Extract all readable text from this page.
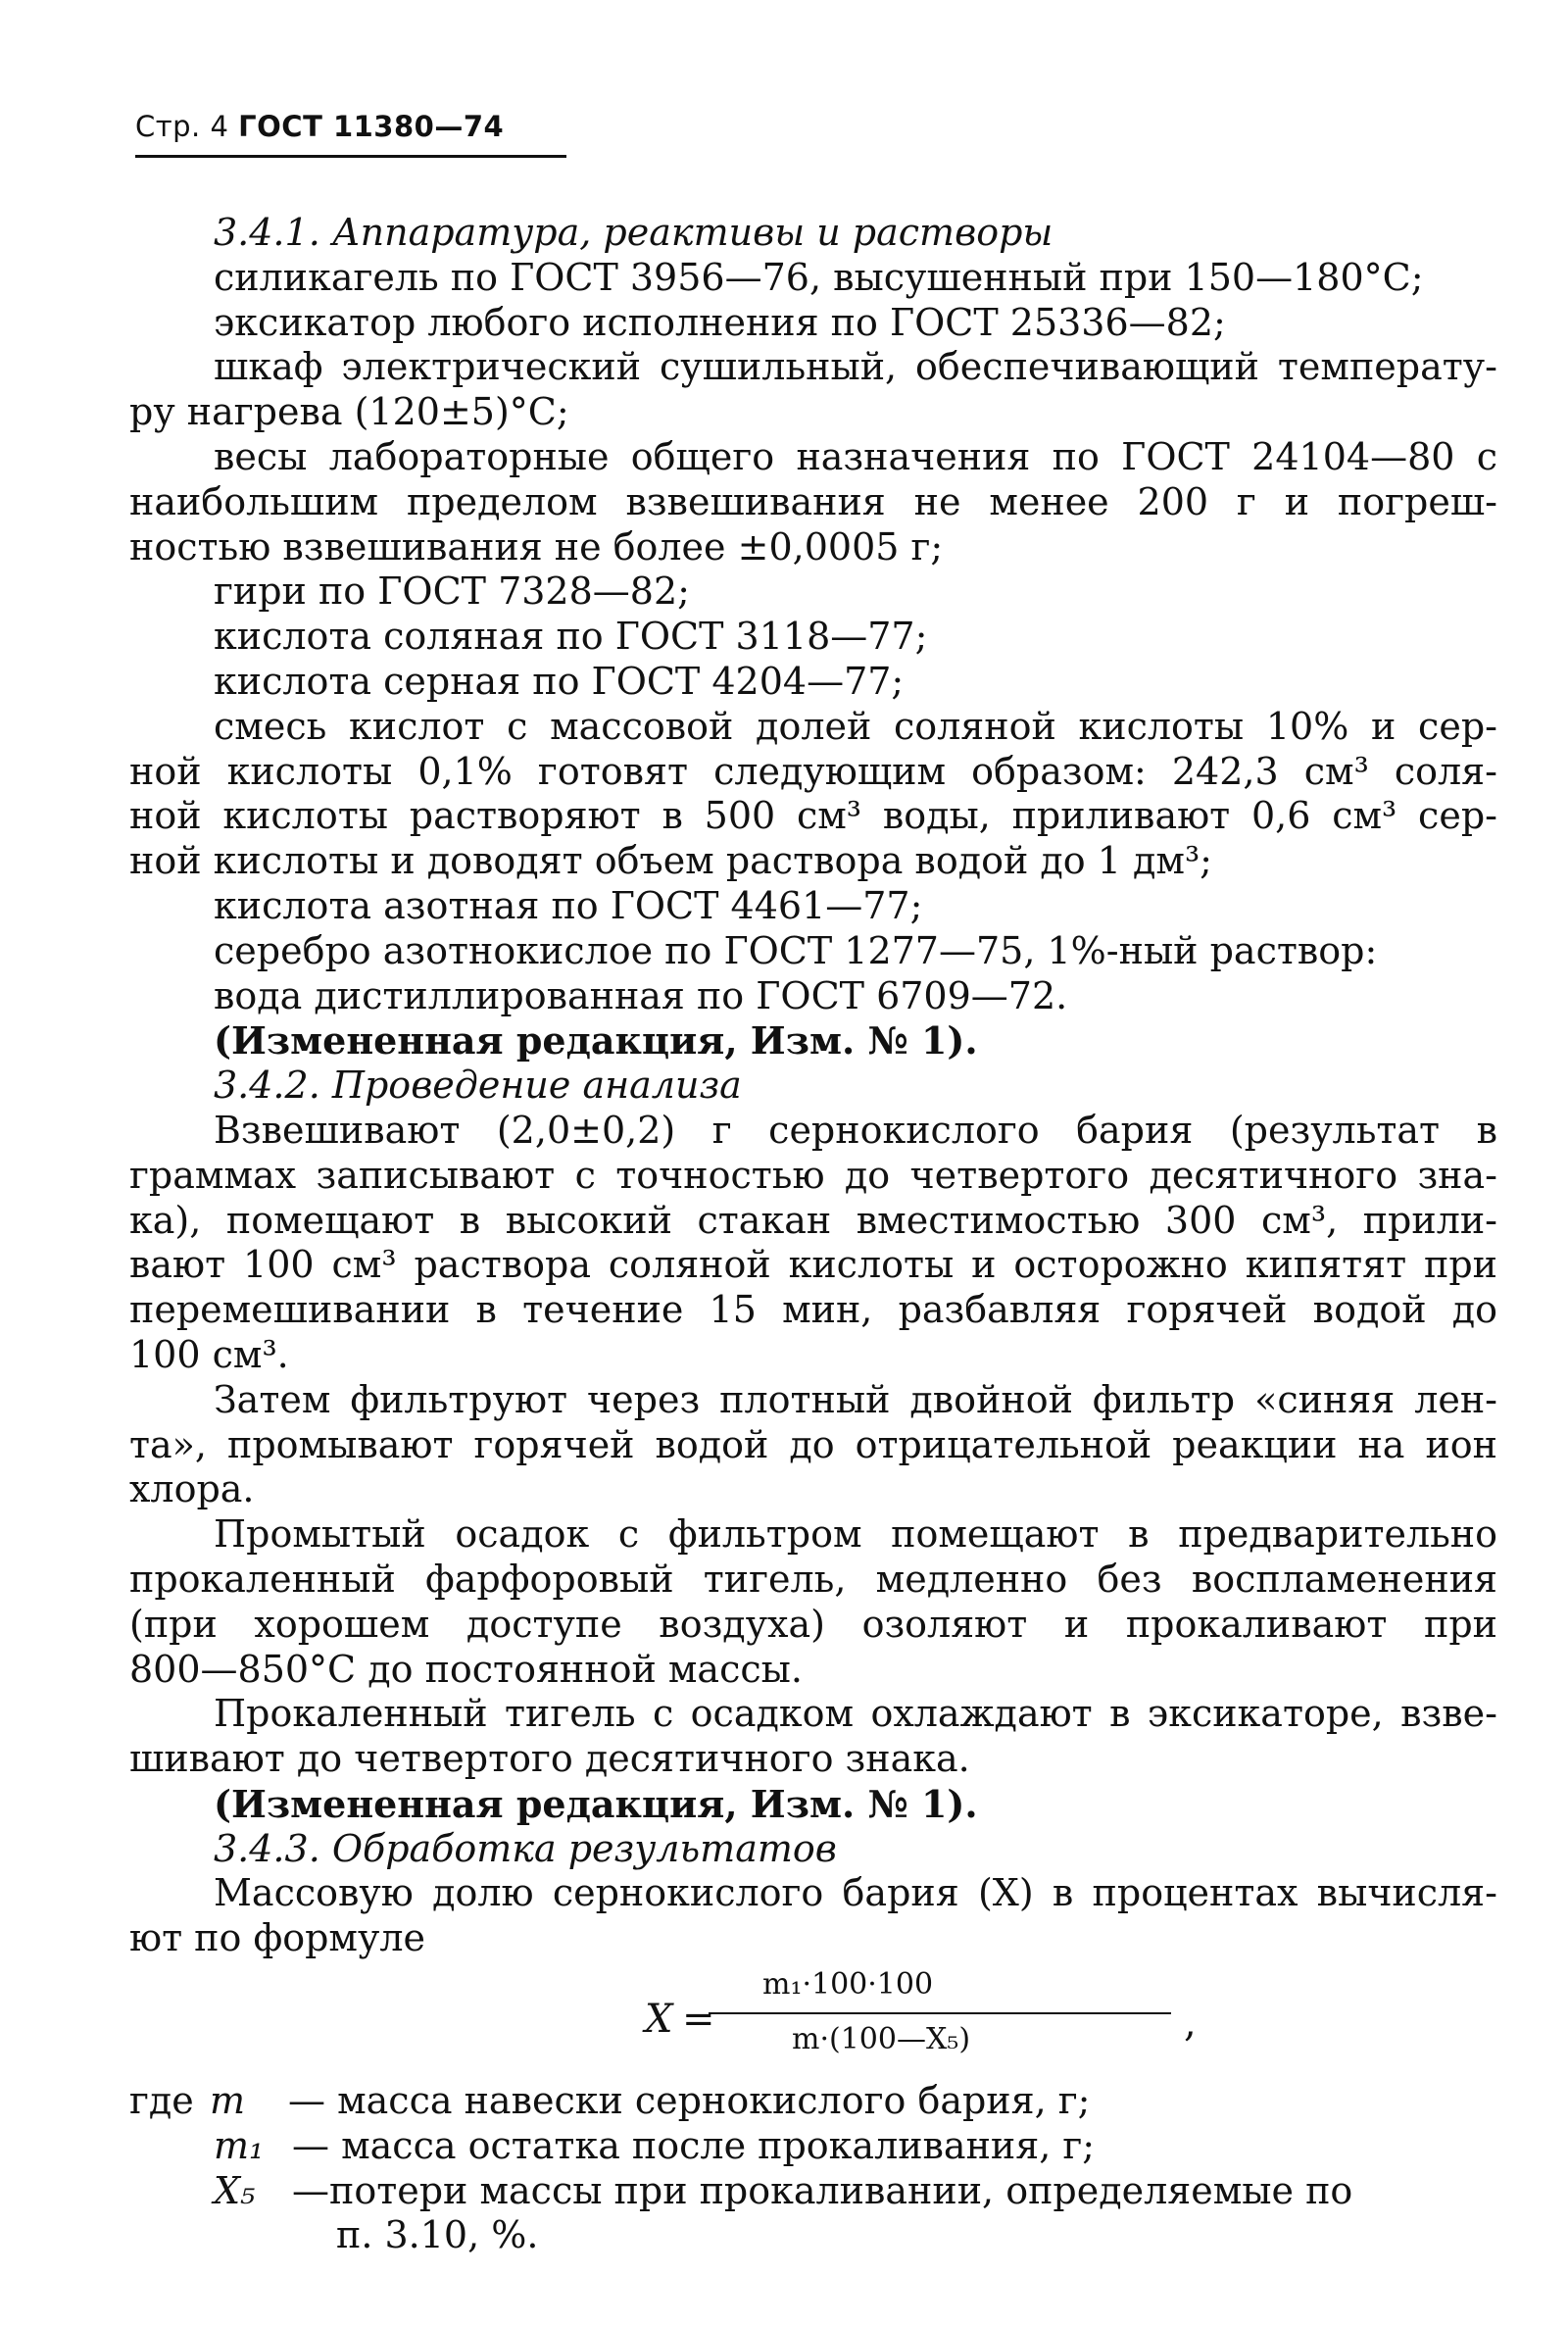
Стр. 4 ГОСТ 11380—74
3.4.1. Аппаратура, реактивы и растворы
силикагель по ГОСТ 3956—76, высушенный при 150—180°С;
эксикатор любого исполнения по ГОСТ 25336—82;
шкаф электрический сушильный, обеспечивающий температу-
ру нагрева (120±5)°С;
весы лабораторные общего назначения по ГОСТ 24104—80 с
наибольшим пределом взвешивания не менее 200 г и погреш-
ностью взвешивания не более ±0,0005 г;
гири по ГОСТ 7328—82;
кислота соляная по ГОСТ 3118—77;
кислота серная по ГОСТ 4204—77;
смесь кислот с массовой долей соляной кислоты 10% и сер-
ной кислоты 0,1% готовят следующим образом: 242,3 см³ соля-
ной кислоты растворяют в 500 см³ воды, приливают 0,6 см³ сер-
ной кислоты и доводят объем раствора водой до 1 дм³;
кислота азотная по ГОСТ 4461—77;
серебро азотнокислое по ГОСТ 1277—75, 1%-ный раствор:
вода дистиллированная по ГОСТ 6709—72.
(Измененная редакция, Изм. № 1).
3.4.2. Проведение анализа
Взвешивают (2,0±0,2) г сернокислого бария (результат в
граммах записывают с точностью до четвертого десятичного зна-
ка), помещают в высокий стакан вместимостью 300 см³, прили-
вают 100 см³ раствора соляной кислоты и осторожно кипятят при
перемешивании в течение 15 мин, разбавляя горячей водой до
100 см³.
Затем фильтруют через плотный двойной фильтр «синяя лен-
та», промывают горячей водой до отрицательной реакции на ион
хлора.
Промытый осадок с фильтром помещают в предварительно
прокаленный фарфоровый тигель, медленно без воспламенения
(при хорошем доступе воздуха) озоляют и прокаливают при
800—850°С до постоянной массы.
Прокаленный тигель с осадком охлаждают в эксикаторе, взве-
шивают до четвертого десятичного знака.
(Измененная редакция, Изм. № 1).
3.4.3. Обработка результатов
Массовую долю сернокислого бария (X) в процентах вычисля-
ют по формуле
X =
m₁·100·100
m·(100—X₅)	,
где m — масса навески сернокислого бария, г;
m₁ — масса остатка после прокаливания, г;
X₅ —потери массы при прокаливании, определяемые по
п. 3.10, %.
